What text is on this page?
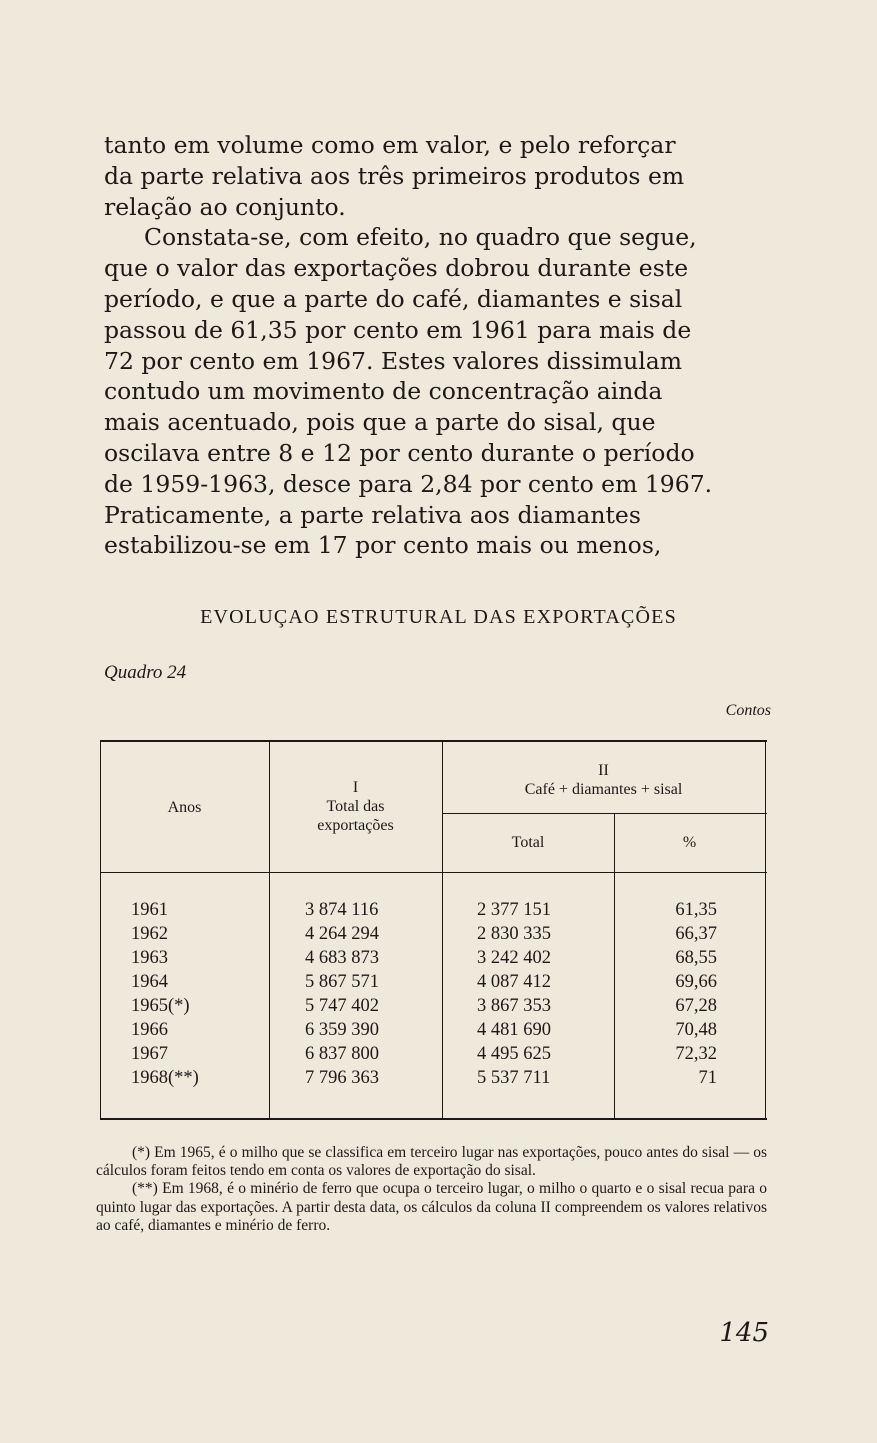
tanto em volume como em valor, e pelo reforçar

da parte relativa aos três primeiros produtos em

relação ao conjunto.

Constata-se, com efeito, no quadro que segue,

que o valor das exportações dobrou durante este

período, e que a parte do café, diamantes e sisal

passou de 61,35 por cento em 1961 para mais de

72 por cento em 1967. Estes valores dissimulam

contudo um movimento de concentração ainda

mais acentuado, pois que a parte do sisal, que

oscilava entre 8 e 12 por cento durante o período

de 1959-1963, desce para 2,84 por cento em 1967.

Praticamente, a parte relativa aos diamantes

estabilizou-se em 17 por cento mais ou menos,

EVOLUÇAO ESTRUTURAL DAS EXPORTAÇÕES
Quadro 24
Contos
Anos
I
Total das
exportações
II
Café + diamantes + sisal
Total	%
1961	3 874 116	2 377 151	61,35
1962	4 264 294	2 830 335	66,37
1963	4 683 873	3 242 402	68,55
1964	5 867 571	4 087 412	69,66
1965(*)	5 747 402	3 867 353	67,28
1966	6 359 390	4 481 690	70,48
1967	6 837 800	4 495 625	72,32
1968(**)	7 796 363	5 537 711	71

(*) Em 1965, é o milho que se classifica em terceiro lugar nas exportações, pouco antes do sisal — os cálculos foram feitos tendo em conta os valores de exportação do sisal.

(**) Em 1968, é o minério de ferro que ocupa o terceiro lugar, o milho o quarto e o sisal recua para o quinto lugar das exportações. A partir desta data, os cálculos da coluna II compreendem os valores relativos ao café, diamantes e minério de ferro.

145
